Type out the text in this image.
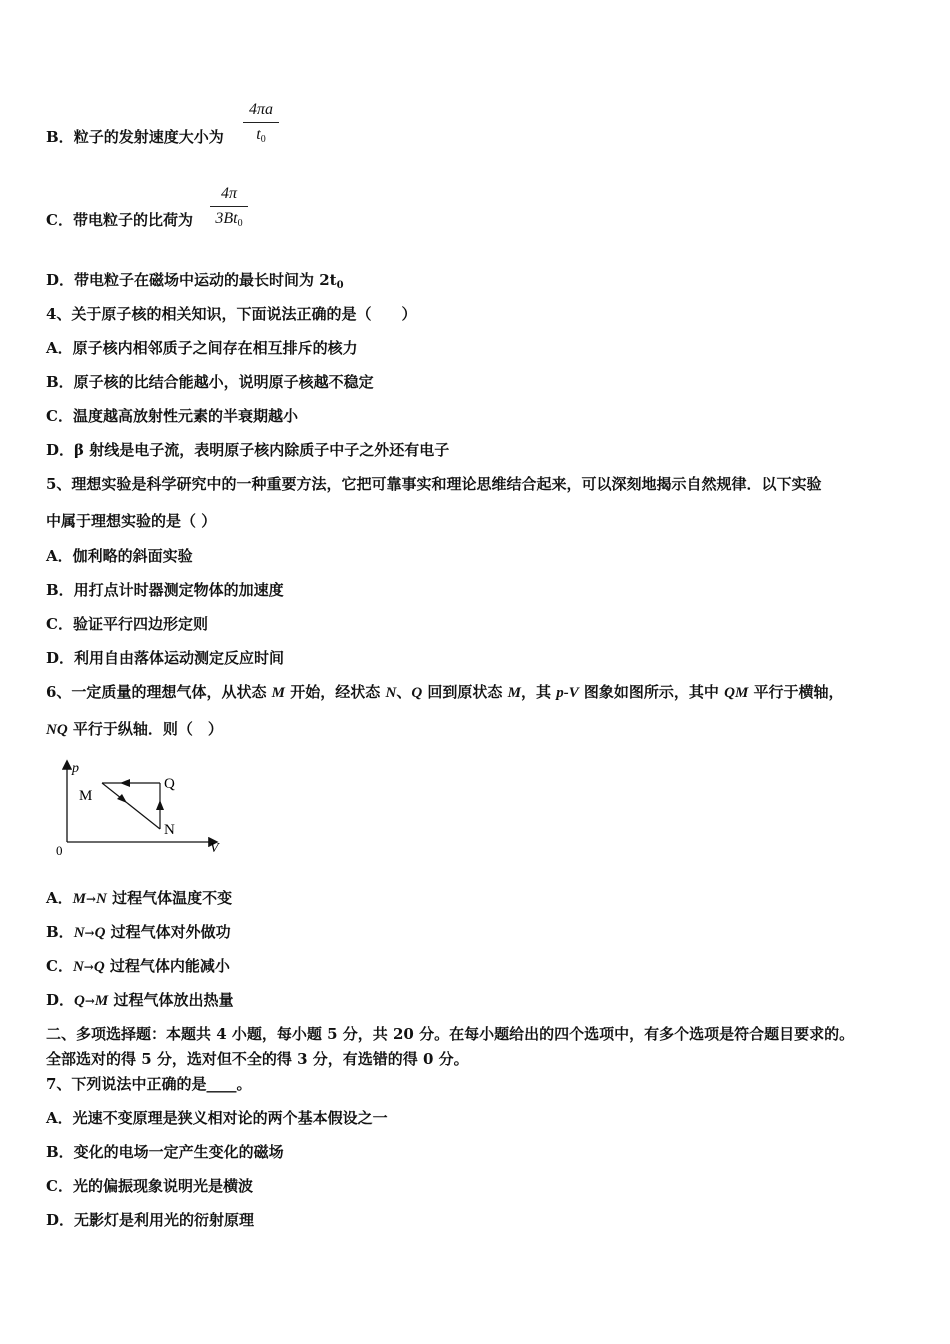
B．粒子的发射速度大小为
4πa
t0
C．带电粒子的比荷为
4π
3Bt0
D．带电粒子在磁场中运动的最长时间为 $2t_0$
4、关于原子核的相关知识，下面说法正确的是（　　）
A．原子核内相邻质子之间存在相互排斥的核力
B．原子核的比结合能越小，说明原子核越不稳定
C．温度越高放射性元素的半衰期越小
D．β 射线是电子流，表明原子核内除质子中子之外还有电子
5、理想实验是科学研究中的一种重要方法，它把可靠事实和理论思维结合起来，可以深刻地揭示自然规律．以下实验
中属于理想实验的是（ ）
A．伽利略的斜面实验
B．用打点计时器测定物体的加速度
C．验证平行四边形定则
D．利用自由落体运动测定反应时间
6、一定质量的理想气体，从状态 M 开始，经状态 N、Q 回到原状态 M，其 p-V 图象如图所示，其中 QM 平行于横轴，
NQ 平行于纵轴．则（　）
p
V
0
M
Q
N
A．M→N 过程气体温度不变
B．N→Q 过程气体对外做功
C．N→Q 过程气体内能减小
D．Q→M 过程气体放出热量
二、多项选择题：本题共 4 小题，每小题 5 分，共 20 分。在每小题给出的四个选项中，有多个选项是符合题目要求的。
全部选对的得 5 分，选对但不全的得 3 分，有选错的得 0 分。
7、下列说法中正确的是____。
A．光速不变原理是狭义相对论的两个基本假设之一
B．变化的电场一定产生变化的磁场
C．光的偏振现象说明光是横波
D．无影灯是利用光的衍射原理
